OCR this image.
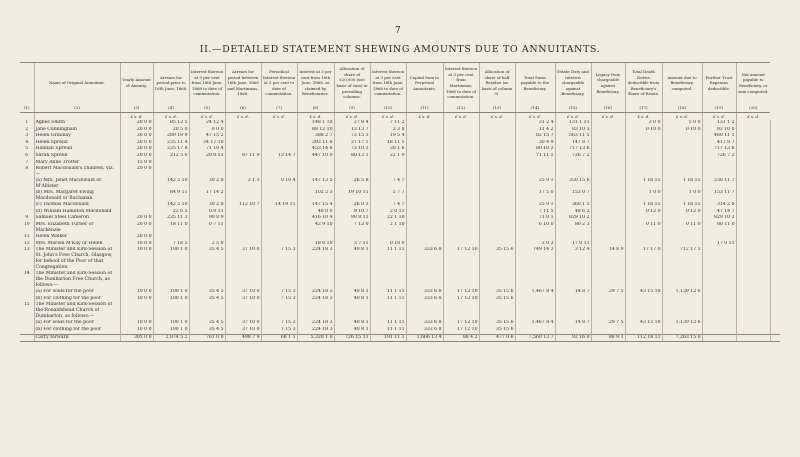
7
II.—DETAILED STATEMENT SHEWING AMOUNTS DUE TO ANNUITANTS.
	Name of Original Annuitant.	Yearly Amount of Annuity.	Arrears for period prior to 16th June, 1868.	Interest thereon at 3 per cent from 16th June, 1868 to date of commutation.	Arrears for period between 16th June, 1868 and Martinmas, 1868.	Periodical Interest thereon at 3 per cent to date of commutation.	Interest at 3 per cent from 16th June, 1868, as claimed by Beneficiaries.	Allocation of share of £20,000 (see basis of sum) in prevailing columns.	Interest thereon at 3 per cent from 16th June, 1868 to date of commutation.	Capital Sum to Perpetual Annuitants.	Interest thereon at 3 per cent from Martinmas, 1868 to date of commutation.	Allocation of share of half Residue (as basis of column 9).	Total Sums payable to the Beneficiary.	Estate Duty and Interest chargeable against Beneficiary.	Legacy Duty chargeable against Beneficiary.	Total Death Duties deductible from Beneficiary's Share of Estate.	Amount due to Beneficiary, computed.	Further Trust Expenses deductible.	Net amount payable to Beneficiary, or sum computed.	
(1)	(2)	(3)	(4)	(5)	(6)	(7)	(8)	(9)	(10)	(11)	(12)	(13)	(14)	(15)	(16)	(17)	(18)	(19)	(20)	
		£ s. d.	£ s. d.	£ s. d.	£ s. d.	£ s. d.	£ s. d.	£ s. d.	£ s. d.	£ s. d.	£ s. d.	£ s. d.	£ s. d.	£ s. d.	£ s. d.	£ s. d.	£ s. d.	£ s. d.	£ s. d.	
1	Agnes Smith	20 0 0	85 12 5	24 12 4			148 1 10	27 8 4	7 11 2				31 2 4	131 1 11		3 0 0	5 0 0	131 1 2		
2	Jane Cunningham	20 0 0	20 5 0	0 0 0			88 12 10	13 13 7	3 3 8				11 4 2	83 10 3		0 10 0	0 10 0	83 10 0		
3	Helen Grindlay	30 0 0	289 19 9	47 15 2			388 2 7	73 15 3	19 5 4				82 15 7	563 11 5				460 11 1		
4	Helen Spreull	20 0 0	235 11 4	34 17 10			393 11 8	27 17 1	18 11 1				30 4 9	147 8 7				417 8 7		
5	Hannah Spreull	20 0 0	225 17 8	71 10 4			453 14 8	73 10 3	30 1 6				80 10 3	717 13 6				717 13 6		
6	Sarah Spreull	20 0 0	212 5 6	20 0 11	87 11 9	13 14 7	447 10 0	80 13 1	22 1 9				71 11 1	726 7 2				726 7 2		
7	Mary Anne Trotter	15 0 0																		
8	Robert Macdonald's children, viz.—	20 0 0																		
	(a) Mrs. Janet Macdonald or M'Allister		142 5 10	30 2 0	3 1 3	0 10 4	147 13 5	26 5 8	7 4 7				25 9 1	350 15 6		1 16 11	1 16 11	230 11 7		
	(b) Mrs. Margaret Ewing Macdonald or Buchanan		84 9 11	17 14 2			102 2 3	19 10 11	5 7 7				17 5 0	153 0 7		1 0 0	1 0 0	153 11 7		
	(c) Thomas Macdonald		142 5 10	30 2 0	112 10 7	14 19 11	147 15 4	26 0 3	7 4 7				25 9 1	360 1 5		1 16 11	1 16 11	314 2 6		
	(d) William Hamilton Macdonald		22 6 5	0 0 11			46 0 0	9 10 7	2 0 11				7 11 5	48 6 2		0 12 0	0 12 0	47 14 7		
9	Samuel Steel Cameron	20 0 0	235 11 3	90 8 9			416 10 4	90 8 11	22 1 10				71 0 1	829 10 2				829 10 2		
10	Mrs. Elizabeth Turner or Mackenzie	20 0 0	18 11 0	0 7 11			42 9 10	7 12 0	2 1 10				6 10 0	80 2 3		0 11 0	0 11 0	80 11 0		
11	Helen Walker	20 0 0																		
12	Mrs. Marion M'Kay or Helen	10 0 0	7 18 5	2 5 0			18 0 10	3 7 11	0 18 0				3 0 3	17 0 11				17 0 11		
13	The Minister and Kirk-Session of St. John's Free Church, Glasgow, for behoof of the Poor of that Congregation	10 0 0	100 1 0	35 4 5	37 10 0	7 15 3	224 18 3	40 8 1	11 1 11	333 6 8	17 12 10	35 15 6	749 14 3	3 12 4	14 8 9	17 17 0	712 17 3			
14	The Minister and Kirk-Session of the Dumbarton Free Church, as follows:—																			
	(a) For souls for the poor	10 0 0	100 1 0	35 4 5	37 10 0	7 15 3	224 18 3	40 8 1	11 1 11	333 6 8	17 12 10	35 15 6	1,467 8 4	14 8 7	29 7 5	43 15 10	1,139 12 6			
	(b) For clothing for the poor	10 0 0	100 1 0	35 4 5	37 10 0	7 15 3	224 18 3	40 8 1	11 1 11	333 6 8	17 12 10	35 15 6								
15	The Minister and Kirk-Session of the Ronaldshead Church of Dumbarton, as follows:—																			
	(a) For souls for the poor	10 0 0	100 1 0	35 4 5	37 10 0	7 15 3	224 18 3	40 8 1	11 1 11	333 6 8	17 12 10	35 15 6	1,467 8 4	14 8 7	29 7 5	43 15 10	1,139 12 6			
	(b) For clothing for the poor	10 0 0	100 1 0	35 4 5	37 10 0	7 15 3	224 18 3	40 8 1	11 1 11	333 6 8	17 12 10	35 15 6								
	Carry forward	305 0 0	2,874 5 2	761 0 0	498 7 9	68 1 1	5,320 1 0	726 15 11	191 11 1	1,666 13 4	88 4 2	477 0 6	7,560 13 7	92 16 0	88 9 1	112 18 11	7,263 15 0			
